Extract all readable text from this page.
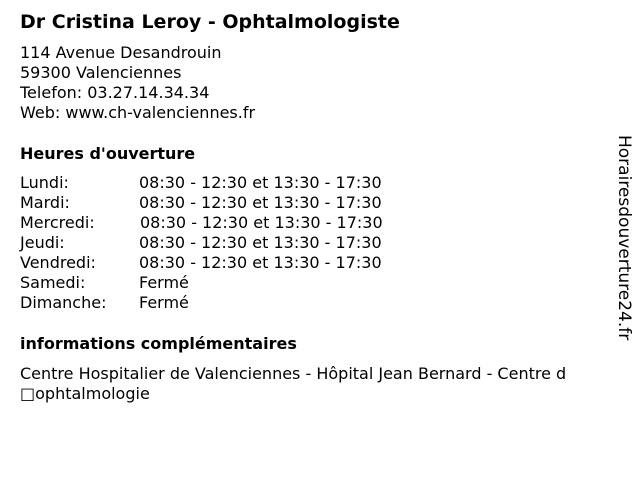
Dr Cristina Leroy - Ophtalmologiste
114 Avenue Desandrouin
59300 Valenciennes
Telefon: 03.27.14.34.34
Web: www.ch-valenciennes.fr
Heures d'ouverture
Lundi:	08:30 - 12:30 et 13:30 - 17:30
Mardi:	08:30 - 12:30 et 13:30 - 17:30
Mercredi:	08:30 - 12:30 et 13:30 - 17:30
Jeudi:	08:30 - 12:30 et 13:30 - 17:30
Vendredi:	08:30 - 12:30 et 13:30 - 17:30
Samedi:	Fermé
Dimanche: Fermé
informations complémentaires
Centre Hospitalier de Valenciennes - Hôpital Jean Bernard - Centre d
□ophtalmologie
Horairesdouverture24.fr
